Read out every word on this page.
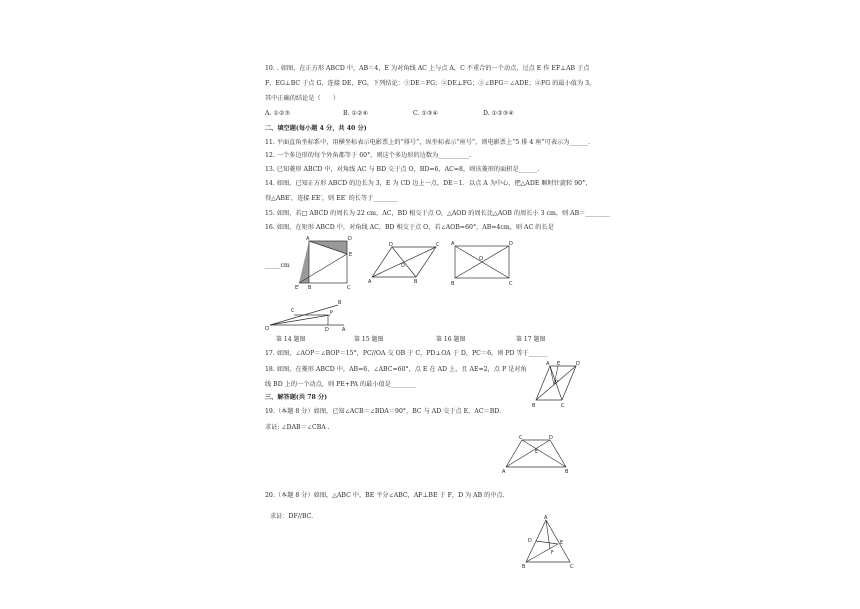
10. . 如图，在正方形 ABCD 中，AB＝4，E 为对角线 AC 上与点 A，C 不重合的一个动点，过点 E 作 EF⊥AB 于点
F，EG⊥BC 于点 G，连接 DE，FG，下列结论：①DE＝FG；②DE⊥FG；③∠BFG＝∠ADE；④FG 的最小值为 3，
其中正确的结论是（　　）
A. ①②③	B. ①②④	C. ①③④	D. ①②③④
二、填空题(每小题 4 分，共 40 分)
11. 平面直角坐标系中，用横坐标表示电影票上的“排号”，纵坐标表示“座号”，则电影票上“5 排 4 座”可表示为______.
12. 一个多边形的每个外角都等于 60°，则这个多边形的边数为__________.
13. 已知菱形 ABCD 中，对角线 AC 与 BD 交于点 O，BD=6，AC=8，则该菱形的面积是______.
14. 如图，已知正方形 ABCD 的边长为 3，E 为 CD 边上一点，DE＝1．以点 A 为中心，把△ADE 顺时针旋转 90°，
得△ABE′，连接 EE′，则 EE′ 的长等于________
15. 如图，若□ ABCD 的周长为 22 cm，AC，BD 相交于点 O，△AOD 的周长比△AOB 的周长小 3 cm，则 AB＝________
16. 如图，在矩形 ABCD 中，对角线 AC，BD 相交于点 O，若∠AOB=60°，AB=4cm，则 AC 的长是
_____cm
A	D
E
E' B	C
D	C
O
A	B
A	D
O
B	C
C	P
O	D	A
B
第 14 题图	第 15 题图	第 16 题图	第 17 题图
17. 如图，∠AOP＝∠BOP＝15°，PC//OA 交 OB 于 C，PD⊥OA 于 D，PC＝6，则 PD 等于______
18. 如图，在菱形 ABCD 中，AB=6，∠ABC=60°，点 E 在 AD 上，且 AE=2，点 P 是对角
线 BD 上的一个动点，则 PE+PA 的最小值是________
A E	D
P
B	C
三、解答题(共 78 分)
19.（本题 8 分）如图，已知∠ACB＝∠BDA＝90°，BC 与 AD 交于点 E，AC＝BD．
求证: ∠DAB＝∠CBA .
C	D
E
A	B
20.（本题 8 分）如图，△ABC 中，BE 平分∠ABC，AF⊥BE 于 F，D 为 AB 的中点.
求证：DF//BC.	A
D
F
E
B	C
